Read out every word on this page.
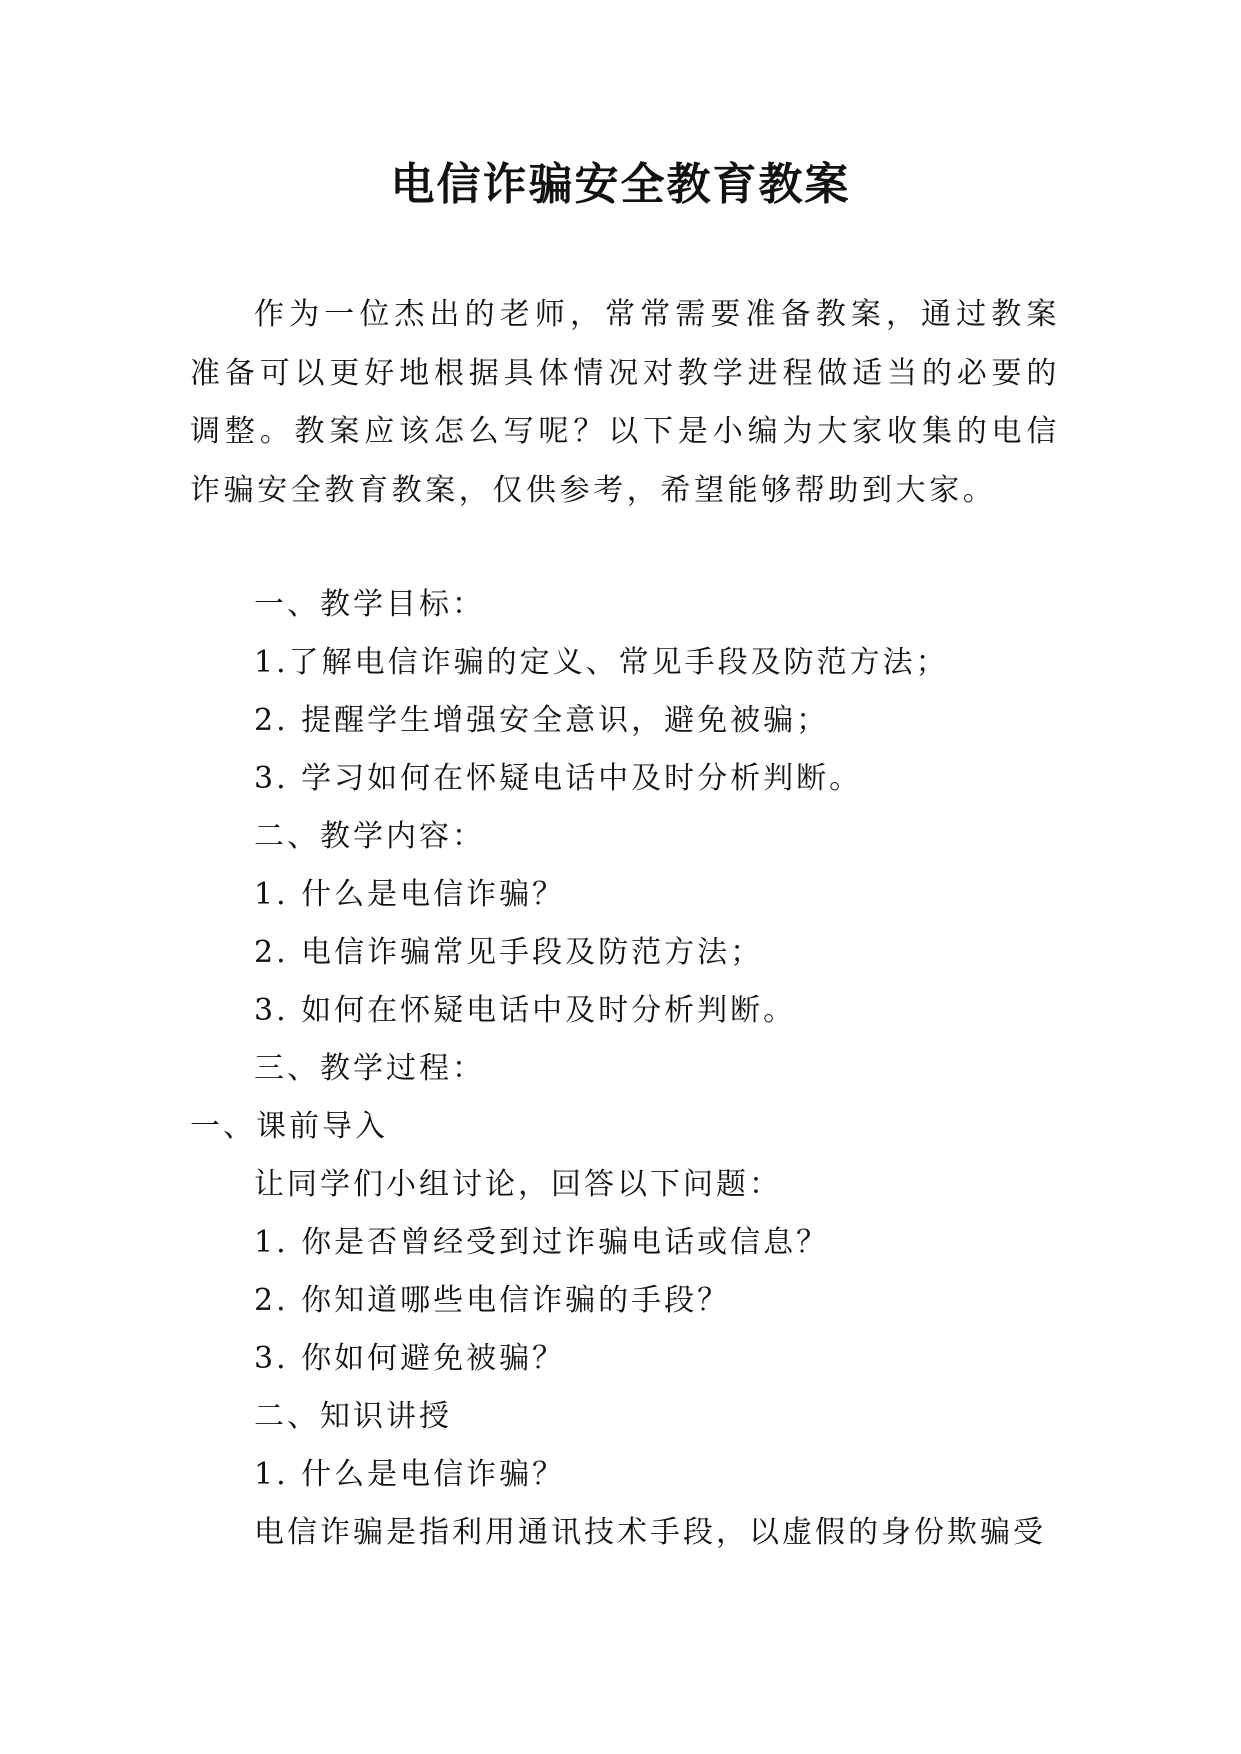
电信诈骗安全教育教案

作为一位杰出的老师，常常需要准备教案，通过教案准备可以更好地根据具体情况对教学进程做适当的必要的调整。教案应该怎么写呢？以下是小编为大家收集的电信诈骗安全教育教案，仅供参考，希望能够帮助到大家。

一、教学目标：
1.了解电信诈骗的定义、常见手段及防范方法；
2. 提醒学生增强安全意识，避免被骗；
3. 学习如何在怀疑电话中及时分析判断。
二、教学内容：
1. 什么是电信诈骗？
2. 电信诈骗常见手段及防范方法；
3. 如何在怀疑电话中及时分析判断。
三、教学过程：
一、课前导入
让同学们小组讨论，回答以下问题：
1. 你是否曾经受到过诈骗电话或信息？
2. 你知道哪些电信诈骗的手段？
3. 你如何避免被骗？
二、知识讲授
1. 什么是电信诈骗？
电信诈骗是指利用通讯技术手段，以虚假的身份欺骗受
